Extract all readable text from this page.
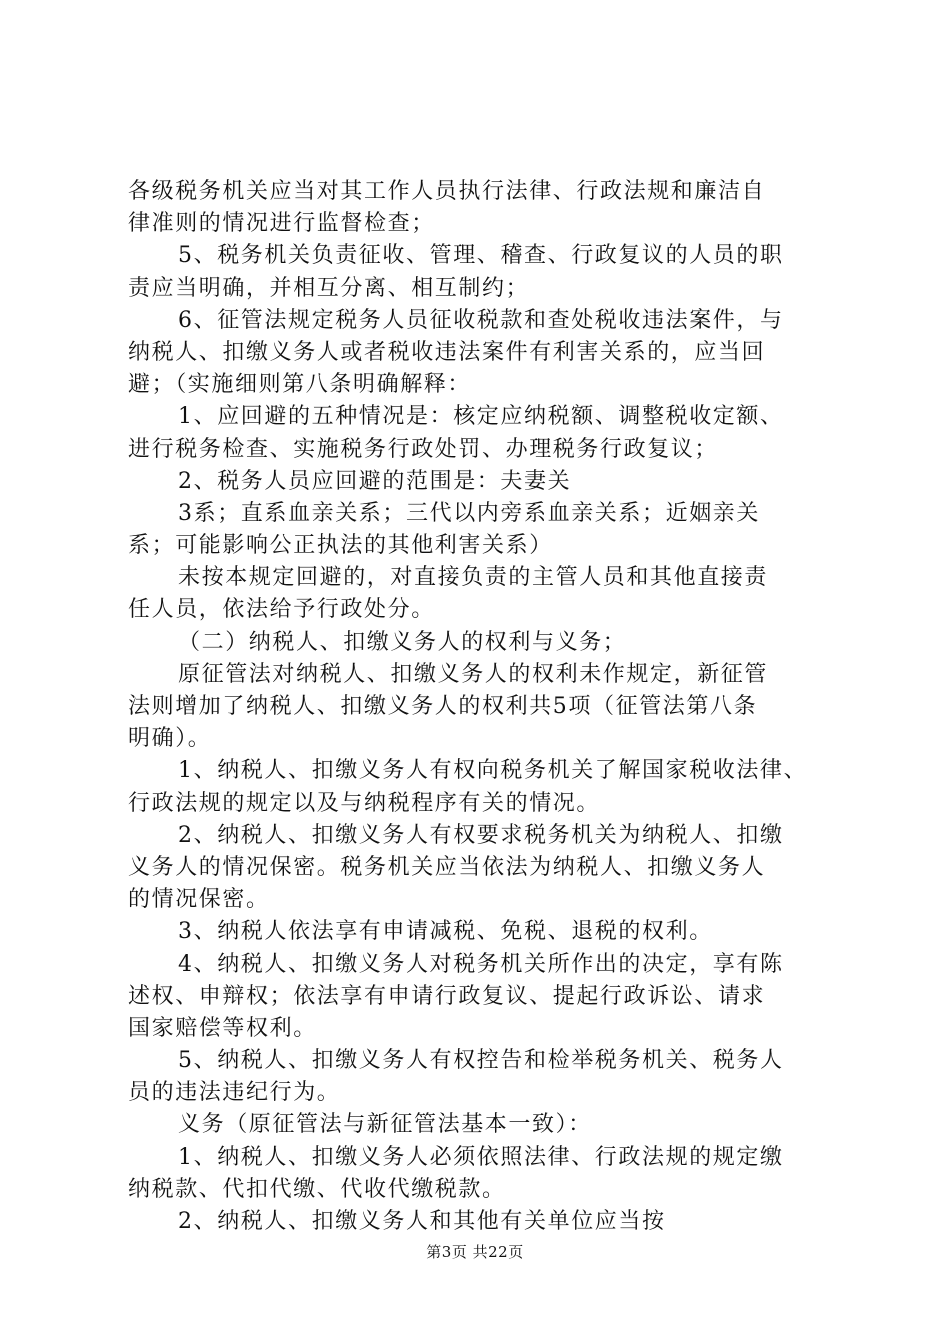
各级税务机关应当对其工作人员执行法律、行政法规和廉洁自
律准则的情况进行监督检查；
5、税务机关负责征收、管理、稽查、行政复议的人员的职
责应当明确，并相互分离、相互制约；
6、征管法规定税务人员征收税款和查处税收违法案件，与
纳税人、扣缴义务人或者税收违法案件有利害关系的，应当回
避；（实施细则第八条明确解释：
1、应回避的五种情况是：核定应纳税额、调整税收定额、
进行税务检查、实施税务行政处罚、办理税务行政复议；
2、税务人员应回避的范围是：夫妻关
3系；直系血亲关系；三代以内旁系血亲关系；近姻亲关
系；可能影响公正执法的其他利害关系）
未按本规定回避的，对直接负责的主管人员和其他直接责
任人员，依法给予行政处分。
（二）纳税人、扣缴义务人的权利与义务；
原征管法对纳税人、扣缴义务人的权利未作规定，新征管
法则增加了纳税人、扣缴义务人的权利共5项（征管法第八条
明确）。
1、纳税人、扣缴义务人有权向税务机关了解国家税收法律、
行政法规的规定以及与纳税程序有关的情况。
2、纳税人、扣缴义务人有权要求税务机关为纳税人、扣缴
义务人的情况保密。税务机关应当依法为纳税人、扣缴义务人
的情况保密。
3、纳税人依法享有申请减税、免税、退税的权利。
4、纳税人、扣缴义务人对税务机关所作出的决定，享有陈
述权、申辩权；依法享有申请行政复议、提起行政诉讼、请求
国家赔偿等权利。
5、纳税人、扣缴义务人有权控告和检举税务机关、税务人
员的违法违纪行为。
义务（原征管法与新征管法基本一致）：
1、纳税人、扣缴义务人必须依照法律、行政法规的规定缴
纳税款、代扣代缴、代收代缴税款。
2、纳税人、扣缴义务人和其他有关单位应当按
第3页 共22页
